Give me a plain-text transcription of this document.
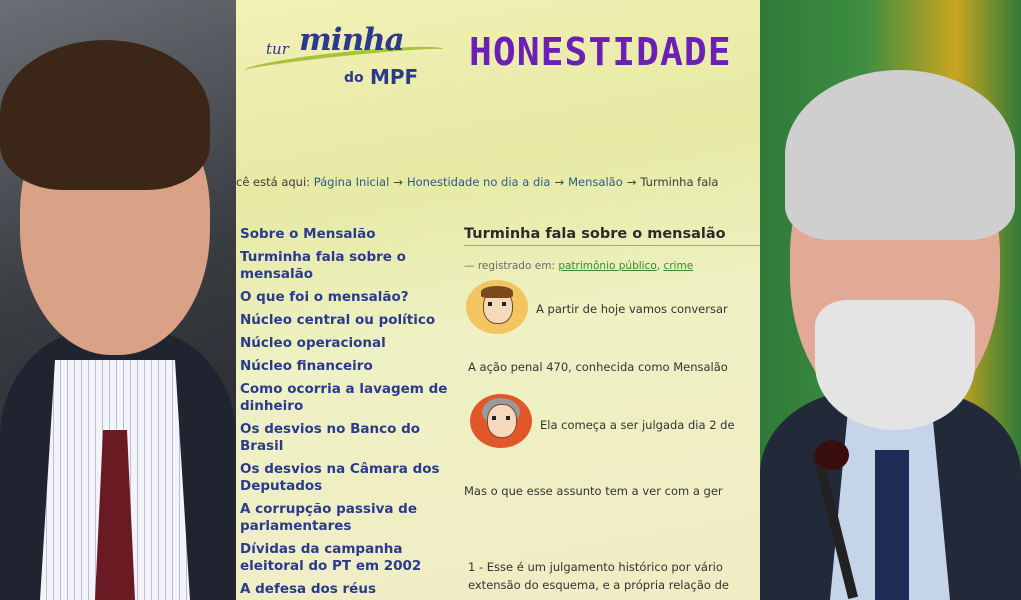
tur minha
do MPF
HONESTIDADE
cê está aqui: Página Inicial → Honestidade no dia a dia → Mensalão → Turminha fala
Sobre o Mensalão
Turminha fala sobre o mensalão
O que foi o mensalão?
Núcleo central ou político
Núcleo operacional
Núcleo financeiro
Como ocorria a lavagem de dinheiro
Os desvios no Banco do Brasil
Os desvios na Câmara dos Deputados
A corrupção passiva de parlamentares
Dívidas da campanha eleitoral do PT em 2002
A defesa dos réus
Turminha fala sobre o mensalão
— registrado em: patrimônio público, crime
A partir de hoje vamos conversar
A ação penal 470, conhecida como Mensalão
Ela começa a ser julgada dia 2 de
Mas o que esse assunto tem a ver com a ger
1 - Esse é um julgamento histórico por vário
extensão do esquema, e a própria relação de
